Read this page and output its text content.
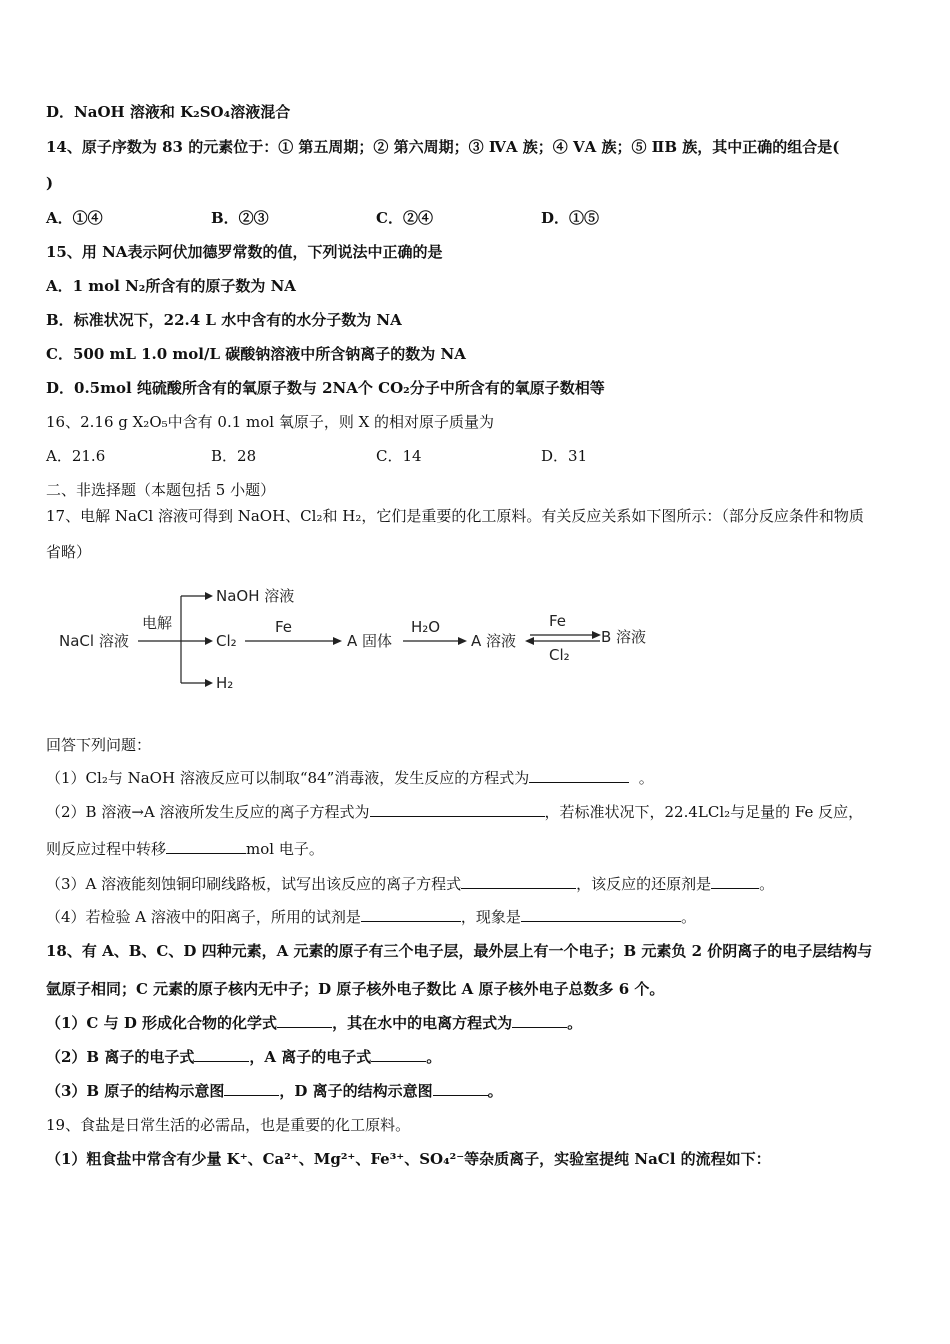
D．NaOH 溶液和 K₂SO₄溶液混合
14、原子序数为 83 的元素位于：① 第五周期；② 第六周期；③ ⅣA 族；④ ⅤA 族；⑤ ⅡB 族，其中正确的组合是(
)
A．①④	B．②③	C．②④	D．①⑤
15、用 NA表示阿伏加德罗常数的值，下列说法中正确的是
A．1 mol N₂所含有的原子数为 NA
B．标准状况下，22.4 L 水中含有的水分子数为 NA
C．500 mL 1.0 mol/L 碳酸钠溶液中所含钠离子的数为 NA
D．0.5mol 纯硫酸所含有的氧原子数与 2NA个 CO₂分子中所含有的氧原子数相等
16、2.16 g X₂O₅中含有 0.1 mol 氧原子，则 X 的相对原子质量为
A．21.6	B．28	C．14	D．31
二、非选择题（本题包括 5 小题）
17、电解 NaCl 溶液可得到 NaOH、Cl₂和 H₂，它们是重要的化工原料。有关反应关系如下图所示：（部分反应条件和物质
省略）
NaCl 溶液
电解
NaOH 溶液
Cl₂
H₂
Fe
A 固体
H₂O
A 溶液
Fe
Cl₂
B 溶液
回答下列问题：
（1）Cl₂与 NaOH 溶液反应可以制取“84”消毒液，发生反应的方程式为	。
（2）B 溶液→A 溶液所发生反应的离子方程式为	，若标准状况下，22.4LCl₂与足量的 Fe 反应，
则反应过程中转移	mol 电子。
（3）A 溶液能刻蚀铜印刷线路板，试写出该反应的离子方程式	，该反应的还原剂是	。
（4）若检验 A 溶液中的阳离子，所用的试剂是	，现象是	。
18、有 A、B、C、D 四种元素，A 元素的原子有三个电子层，最外层上有一个电子；B 元素负 2 价阴离子的电子层结构与
氩原子相同；C 元素的原子核内无中子；D 原子核外电子数比 A 原子核外电子总数多 6 个。
（1）C 与 D 形成化合物的化学式	，其在水中的电离方程式为	。
（2）B 离子的电子式	，A 离子的电子式	。
（3）B 原子的结构示意图	，D 离子的结构示意图	。
19、食盐是日常生活的必需品，也是重要的化工原料。
（1）粗食盐中常含有少量 K⁺、Ca²⁺、Mg²⁺、Fe³⁺、SO₄²⁻等杂质离子，实验室提纯 NaCl 的流程如下：
